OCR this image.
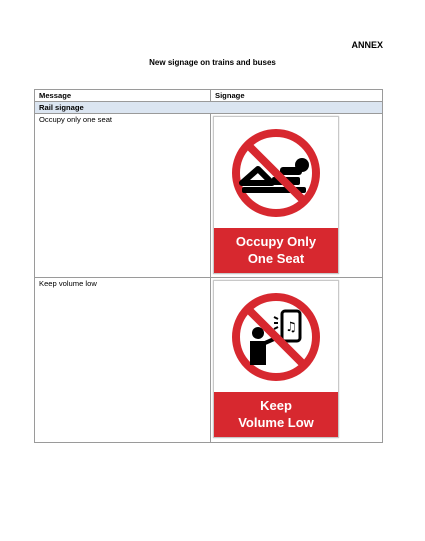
ANNEX
New signage on trains and buses
Message	Signage
Rail signage	
Occupy only one seat	Occupy Only
One Seat

Keep volume low	♫
Keep
Volume Low
